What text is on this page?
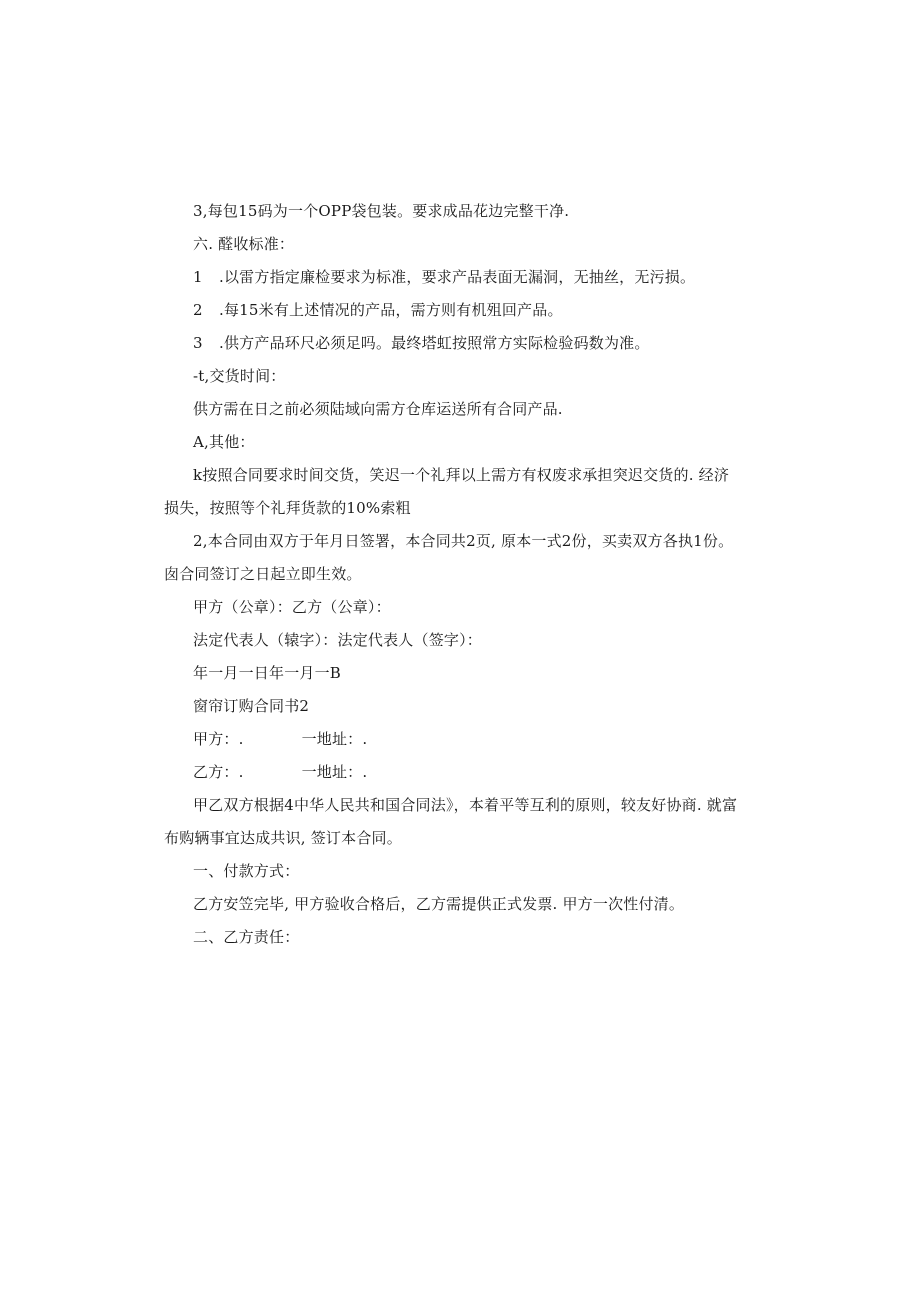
3,每包15码为一个OPP袋包装。要求成品花边完整干净.
六. 醛收标准：
1 .以雷方指定廉检要求为标准，要求产品表面无漏洞，无抽丝，无污损。
2 .每15米有上述情况的产品，需方则有机殂回产品。
3 .供方产品环尺必须足吗。最终塔虹按照常方实际检验码数为准。
-t,交货时间：
供方需在日之前必须陆域向需方仓库运送所有合同产品.
A,其他：
k按照合同要求时间交货，笑迟一个礼拜以上需方有权废求承担突迟交货的. 经济
损失，按照等个礼拜货款的10%索粗
2,本合同由双方于年月日签署，本合同共2页, 原本一式2份，买卖双方各执1份。
囱合同签订之日起立即生效。
甲方（公章）：乙方（公章）：
法定代表人（辕字）：法定代表人（签字）：
年一月一日年一月一B
窗帘订购合同书2
甲方：.	一地址：.
乙方：.	一地址：.
甲乙双方根据4中华人民共和国合同法》，本着平等互利的原则，较友好协商. 就富
布购辆事宜达成共识, 签订本合同。
一、付款方式：
乙方安笠完毕, 甲方验收合格后，乙方需提供正式发票. 甲方一次性付清。
二、乙方责任：
